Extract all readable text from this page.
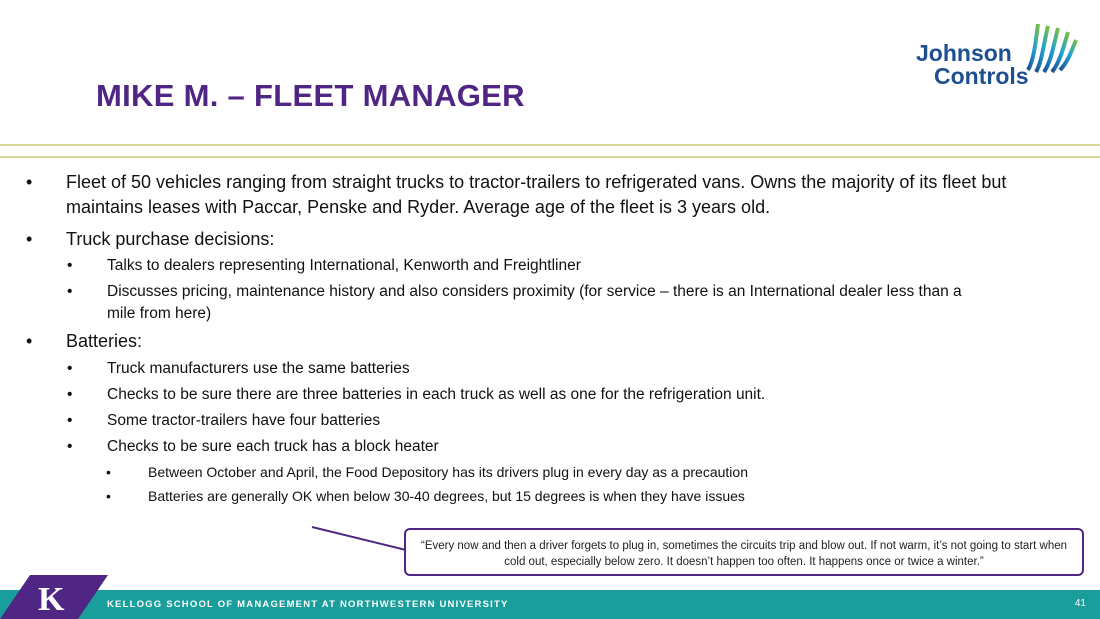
MIKE M. – FLEET MANAGER
Johnson
Controls
• Fleet of 50 vehicles ranging from straight trucks to tractor-trailers to refrigerated vans. Owns the majority of its fleet but maintains leases with Paccar, Penske and Ryder. Average age of the fleet is 3 years old.
• Truck purchase decisions:
• Talks to dealers representing International, Kenworth and Freightliner
• Discusses pricing, maintenance history and also considers proximity (for service – there is an International dealer less than a mile from here)
• Batteries:
• Truck manufacturers use the same batteries
• Checks to be sure there are three batteries in each truck as well as one for the refrigeration unit.
• Some tractor-trailers have four batteries
• Checks to be sure each truck has a block heater
•	Between October and April, the Food Depository has its drivers plug in every day as a precaution
•	Batteries are generally OK when below 30-40 degrees, but 15 degrees is when they have issues
“Every now and then a driver forgets to plug in, sometimes the circuits trip and blow out. If not warm, it’s not going to start when cold out, especially below zero. It doesn’t happen too often. It happens once or twice a winter.”
KELLOGG SCHOOL OF MANAGEMENT AT NORTHWESTERN UNIVERSITY	41
K
